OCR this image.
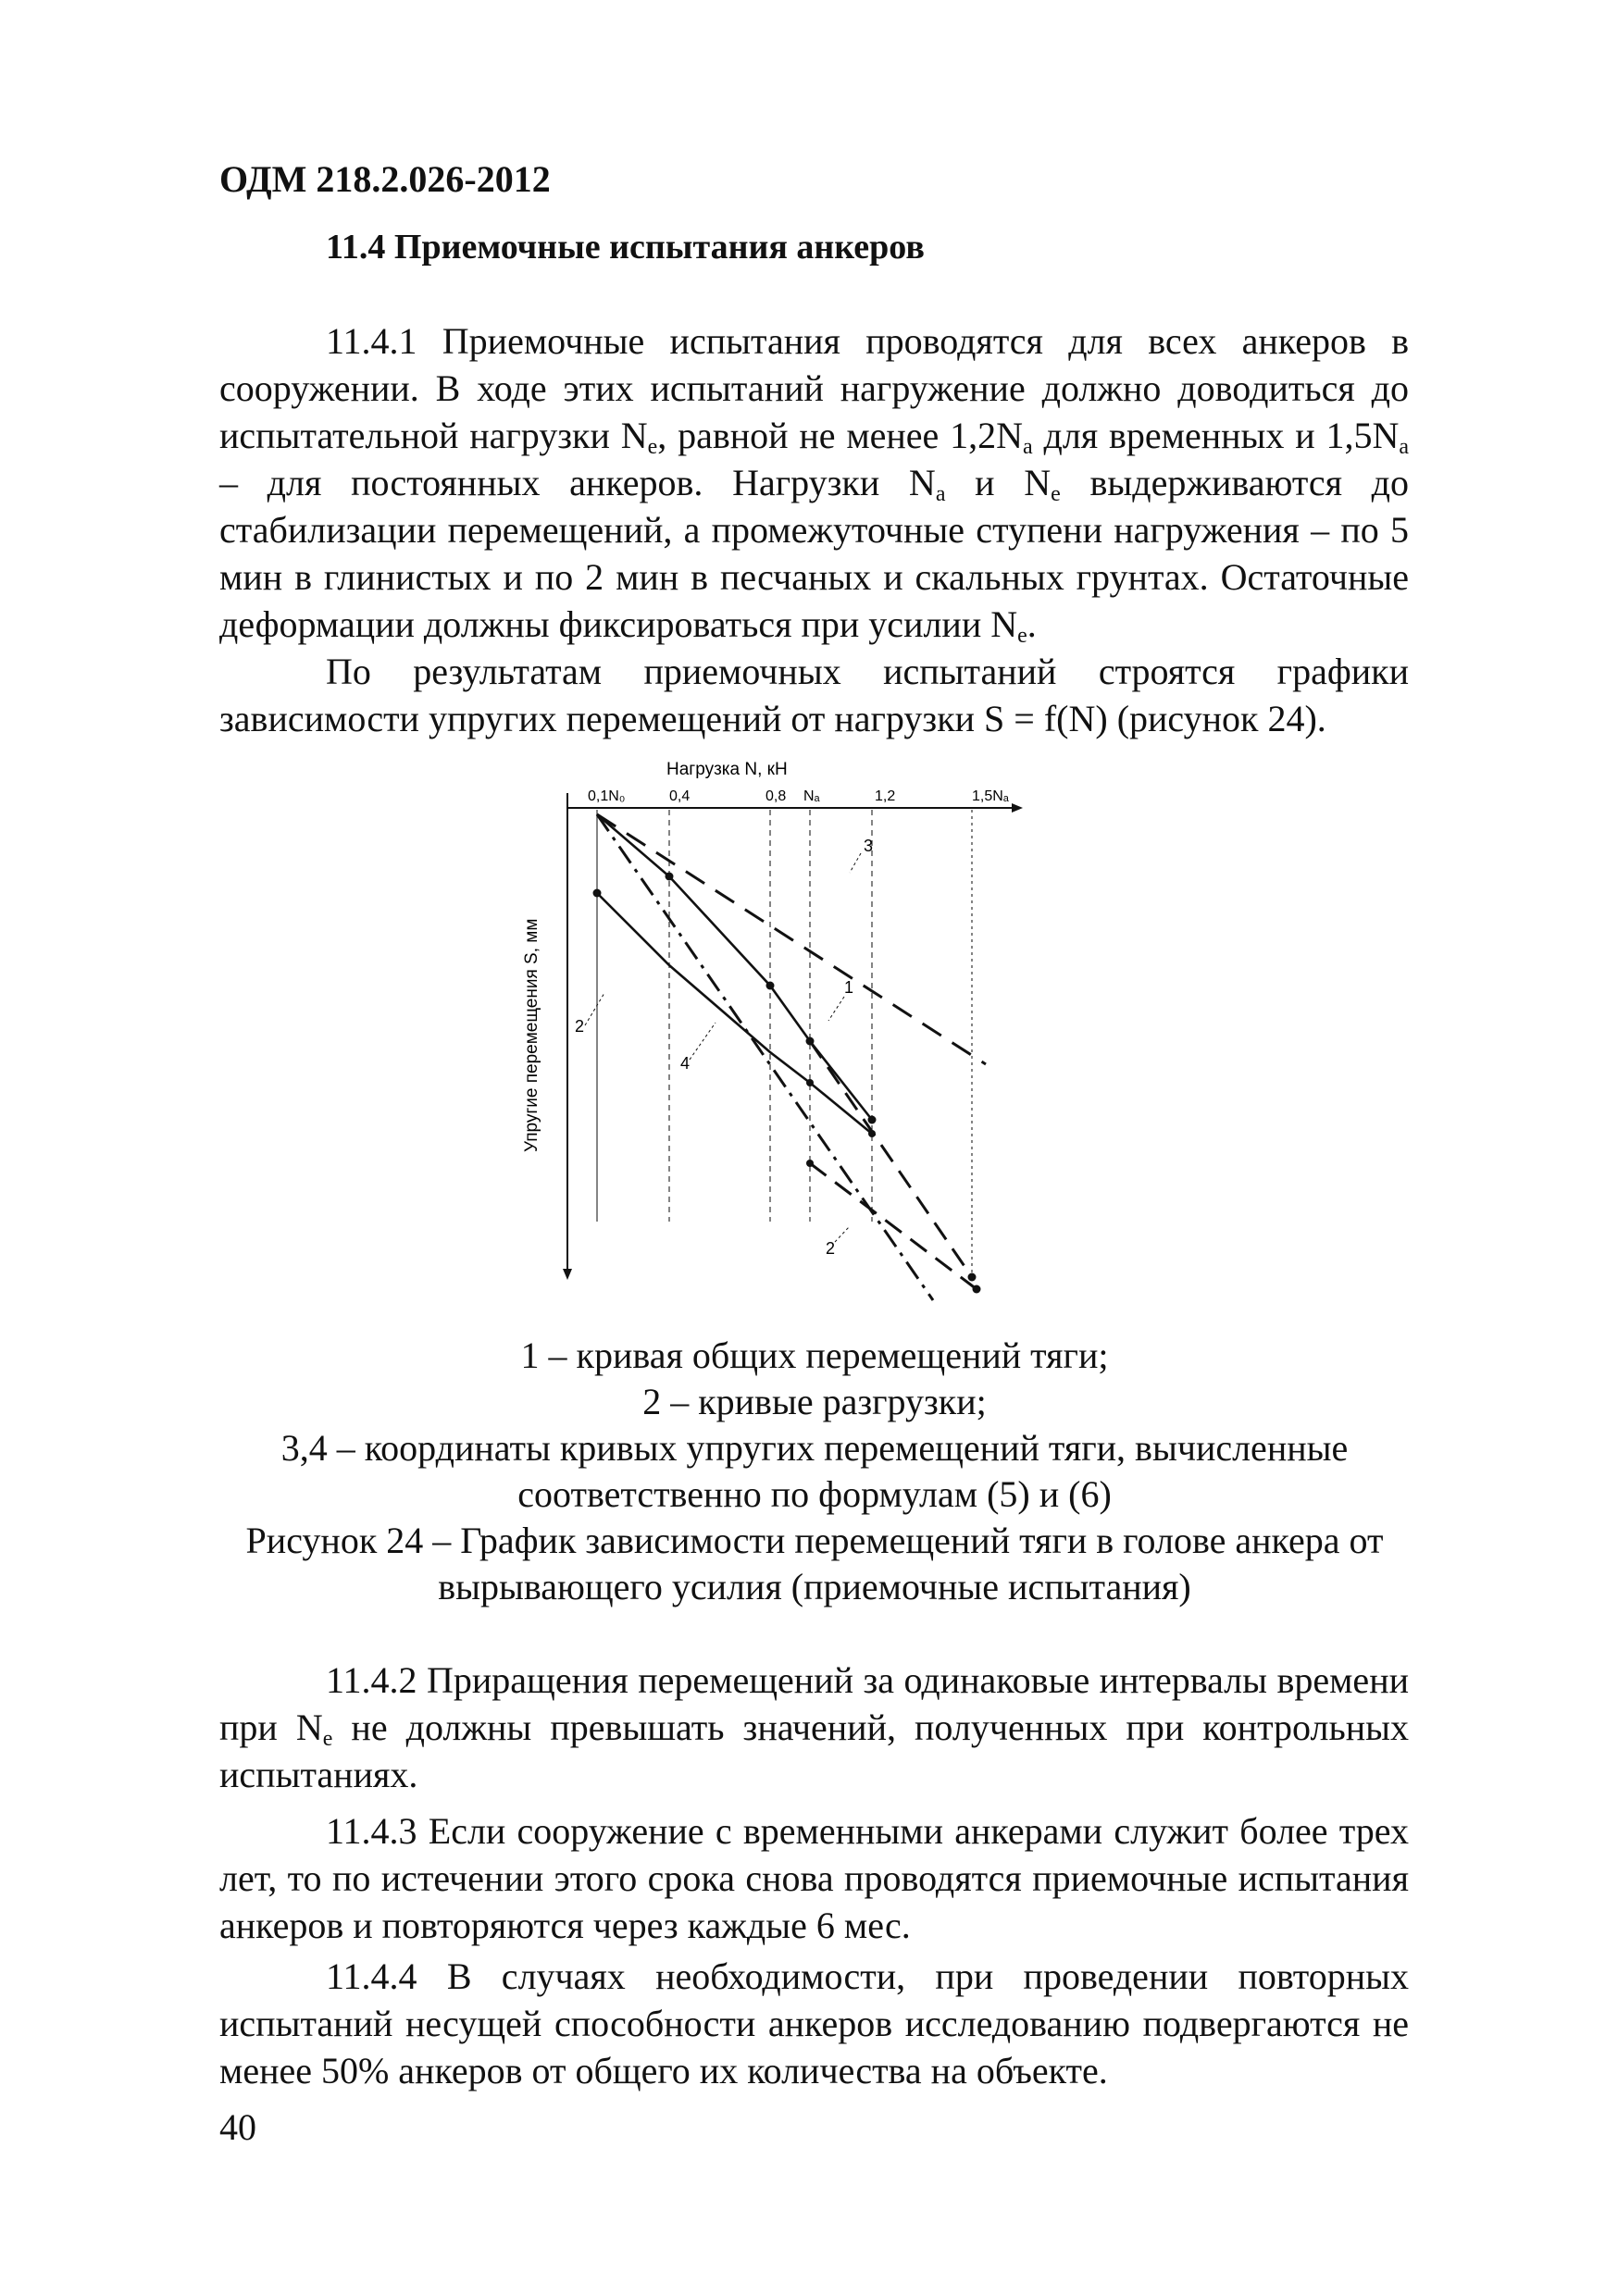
ОДМ 218.2.026-2012
11.4 Приемочные испытания анкеров

11.4.1 Приемочные испытания проводятся для всех анкеров в сооружении. В ходе этих испытаний нагружение должно доводиться до испытательной нагрузки $N_e$, равной не менее $1,2N_a$ для временных и $1,5N_a$ – для постоянных анкеров. Нагрузки $N_a$ и $N_e$ выдерживаются до стабилизации перемещений, а промежуточные ступени нагружения – по 5 мин в глинистых и по 2 мин в песчаных и скальных грунтах. Остаточные деформации должны фиксироваться при усилии $N_e$.

По результатам приемочных испытаний строятся графики зависимости упругих перемещений от нагрузки S = f(N) (рисунок 24).

Нагрузка N, кН
Упругие перемещения S, мм
0,1N₀	0,4	0,8 Nₐ	1,2	1,5Nₐ
3
1
2
4
2
1 – кривая общих перемещений тяги;
2 – кривые разгрузки;
3,4 – координаты кривых упругих перемещений тяги, вычисленные
соответственно по формулам (5) и (6)
Рисунок 24 – График зависимости перемещений тяги в голове анкера от
вырывающего усилия (приемочные испытания)

11.4.2 Приращения перемещений за одинаковые интервалы времени при $N_e$ не должны превышать значений, полученных при контрольных испытаниях.

11.4.3 Если сооружение с временными анкерами служит более трех лет, то по истечении этого срока снова проводятся приемочные испытания анкеров и повторяются через каждые 6 мес.

11.4.4 В случаях необходимости, при проведении повторных испытаний несущей способности анкеров исследованию подвергаются не менее 50% анкеров от общего их количества на объекте.

40
